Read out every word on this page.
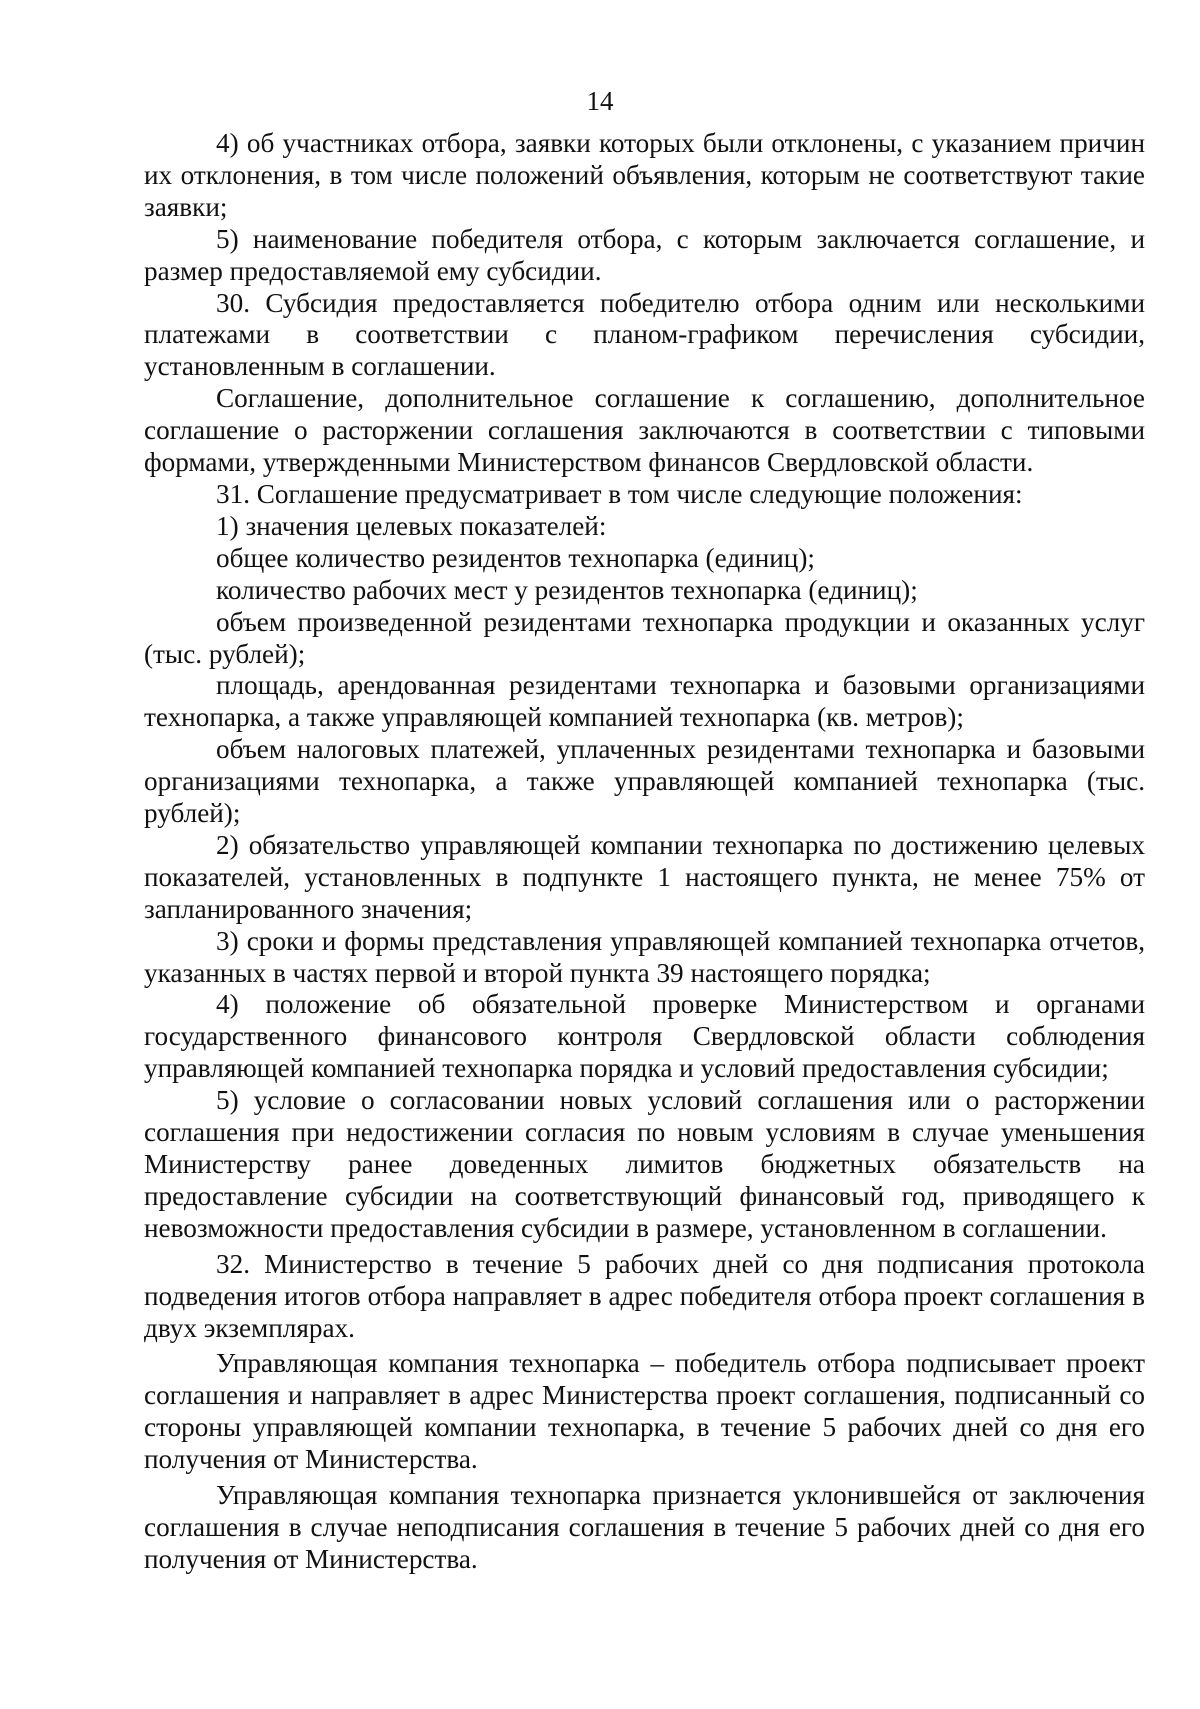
14

4) об участниках отбора, заявки которых были отклонены, с указанием причин их отклонения, в том числе положений объявления, которым не соответствуют такие заявки;

5) наименование победителя отбора, с которым заключается соглашение, и размер предоставляемой ему субсидии.

30. Субсидия предоставляется победителю отбора одним или несколькими платежами в соответствии с планом-графиком перечисления субсидии, установленным в соглашении.

Соглашение, дополнительное соглашение к соглашению, дополнительное соглашение о расторжении соглашения заключаются в соответствии с типовыми формами, утвержденными Министерством финансов Свердловской области.

31. Соглашение предусматривает в том числе следующие положения:

1) значения целевых показателей:

общее количество резидентов технопарка (единиц);

количество рабочих мест у резидентов технопарка (единиц);

объем произведенной резидентами технопарка продукции и оказанных услуг (тыс. рублей);

площадь, арендованная резидентами технопарка и базовыми организациями технопарка, а также управляющей компанией технопарка (кв. метров);

объем налоговых платежей, уплаченных резидентами технопарка и базовыми организациями технопарка, а также управляющей компанией технопарка (тыс. рублей);

2) обязательство управляющей компании технопарка по достижению целевых показателей, установленных в подпункте 1 настоящего пункта, не менее 75% от запланированного значения;

3) сроки и формы представления управляющей компанией технопарка отчетов, указанных в частях первой и второй пункта 39 настоящего порядка;

4) положение об обязательной проверке Министерством и органами государственного финансового контроля Свердловской области соблюдения управляющей компанией технопарка порядка и условий предоставления субсидии;

5) условие о согласовании новых условий соглашения или о расторжении соглашения при недостижении согласия по новым условиям в случае уменьшения Министерству ранее доведенных лимитов бюджетных обязательств на предоставление субсидии на соответствующий финансовый год, приводящего к невозможности предоставления субсидии в размере, установленном в соглашении.

32. Министерство в течение 5 рабочих дней со дня подписания протокола подведения итогов отбора направляет в адрес победителя отбора проект соглашения в двух экземплярах.

Управляющая компания технопарка – победитель отбора подписывает проект соглашения и направляет в адрес Министерства проект соглашения, подписанный со стороны управляющей компании технопарка, в течение 5 рабочих дней со дня его получения от Министерства.

Управляющая компания технопарка признается уклонившейся от заключения соглашения в случае неподписания соглашения в течение 5 рабочих дней со дня его получения от Министерства.
